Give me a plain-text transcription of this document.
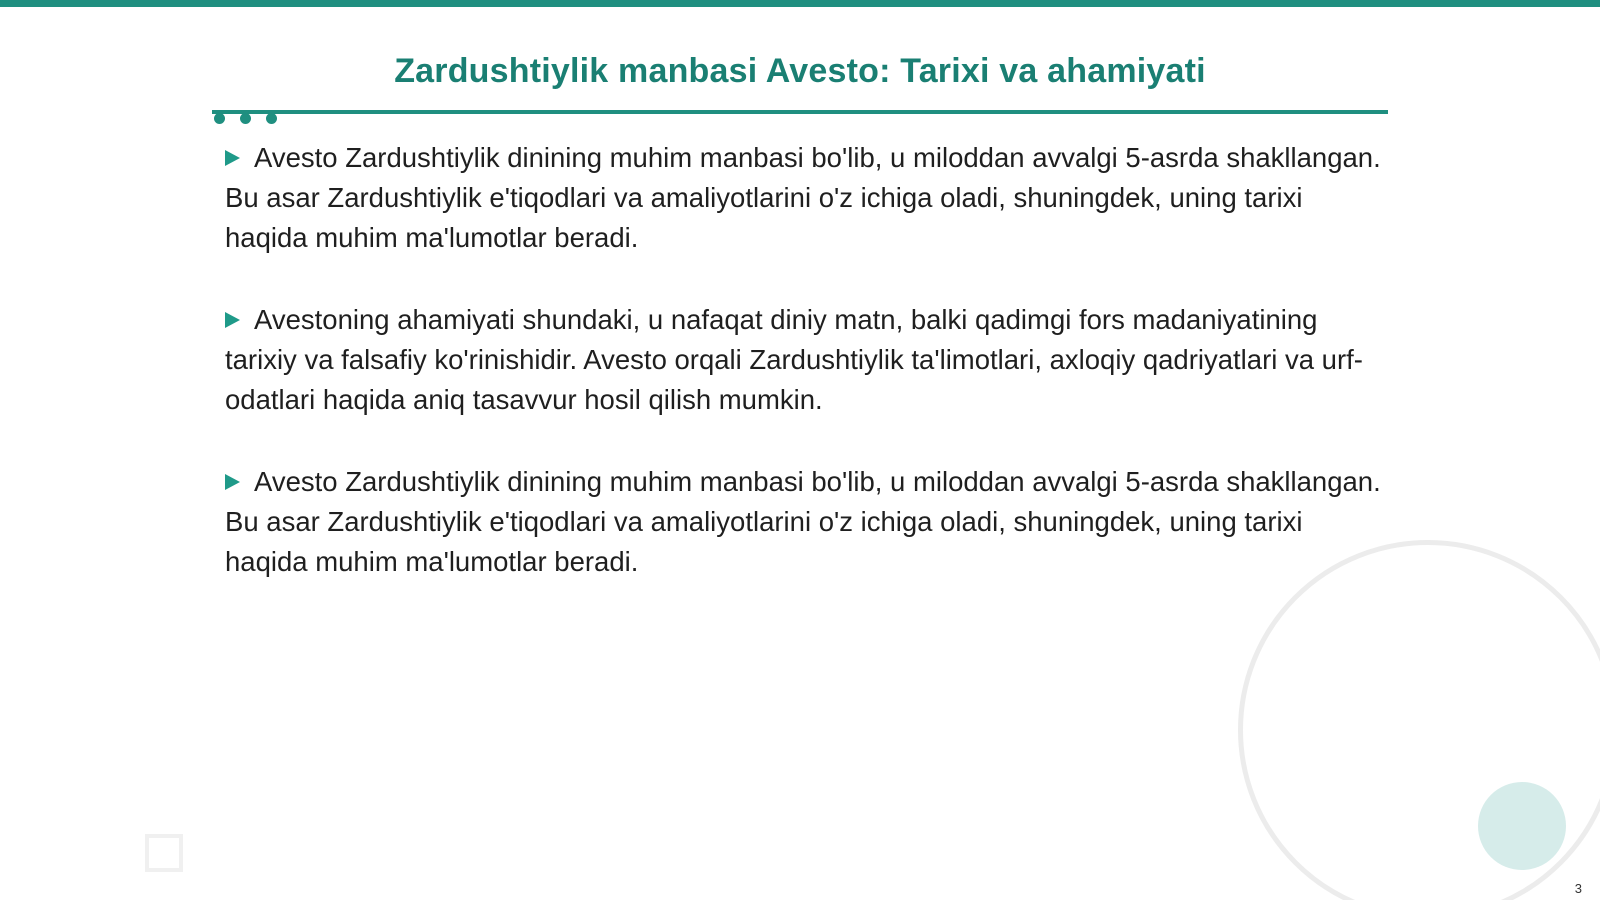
Zardushtiylik manbasi Avesto: Tarixi va ahamiyati

Avesto Zardushtiylik dinining muhim manbasi bo'lib, u miloddan avvalgi 5-asrda shakllangan. Bu asar Zardushtiylik e'tiqodlari va amaliyotlarini o'z ichiga oladi, shuningdek, uning tarixi haqida muhim ma'lumotlar beradi.

Avestoning ahamiyati shundaki, u nafaqat diniy matn, balki qadimgi fors madaniyatining tarixiy va falsafiy ko'rinishidir. Avesto orqali Zardushtiylik ta'limotlari, axloqiy qadriyatlari va urf-odatlari haqida aniq tasavvur hosil qilish mumkin.

Avesto Zardushtiylik dinining muhim manbasi bo'lib, u miloddan avvalgi 5-asrda shakllangan. Bu asar Zardushtiylik e'tiqodlari va amaliyotlarini o'z ichiga oladi, shuningdek, uning tarixi haqida muhim ma'lumotlar beradi.

3
